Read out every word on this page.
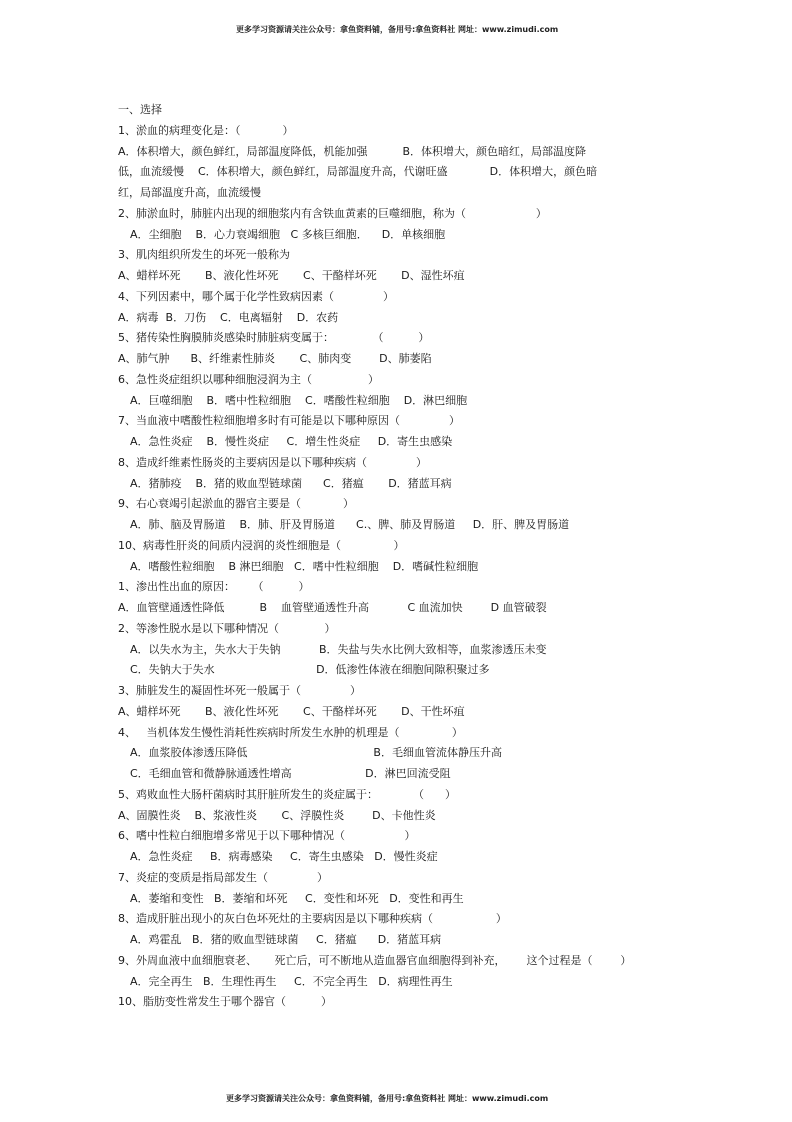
更多学习资源请关注公众号：拿鱼资料铺，备用号:拿鱼资料社 网址：www.zimudi.com
一、选择
1、淤血的病理变化是：（            ）
A．体积增大，颜色鲜红，局部温度降低，机能加强          B．体积增大，颜色暗红，局部温度降
低，血流缓慢    C．体积增大，颜色鲜红，局部温度升高，代谢旺盛            D．体积增大，颜色暗
红，局部温度升高，血流缓慢
2、肺淤血时，肺脏内出现的细胞浆内有含铁血黄素的巨噬细胞，称为（                    ）
A．尘细胞    B．心力衰竭细胞   C 多核巨细胞．    D．单核细胞
3、肌肉组织所发生的坏死一般称为
A、蜡样坏死       B、液化性坏死       C、干酪样坏死       D、湿性坏疽
4、下列因素中，哪个属于化学性致病因素（              ）
A．病毒  B．刀伤    C．电离辐射    D．农药
5、猪传染性胸膜肺炎感染时肺脏病变属于：           （          ）
A、肺气肿      B、纤维素性肺炎       C、肺肉变        D、肺萎陷
6、急性炎症组织以哪种细胞浸润为主（                ）
A．巨噬细胞    B．嗜中性粒细胞    C．嗜酸性粒细胞    D．淋巴细胞
7、当血液中嗜酸性粒细胞增多时有可能是以下哪种原因（              ）
A．急性炎症    B．慢性炎症     C．增生性炎症     D．寄生虫感染
8、造成纤维素性肠炎的主要病因是以下哪种疾病（              ）
A．猪肺疫    B．猪的败血型链球菌      C．猪瘟       D．猪蓝耳病
9、右心衰竭引起淤血的器官主要是（            ）
A．肺、脑及胃肠道    B．肺、肝及胃肠道      C.、脾、肺及胃肠道     D．肝、脾及胃肠道
10、病毒性肝炎的间质内浸润的炎性细胞是（               ）
A．嗜酸性粒细胞    B 淋巴细胞   C．嗜中性粒细胞    D．嗜碱性粒细胞
1、渗出性出血的原因：     （          ）
A．血管壁通透性降低          B    血管壁通透性升高           C 血流加快        D 血管破裂
2、等渗性脱水是以下哪种情况（             ）
A．以失水为主，失水大于失钠           B．失盐与失水比例大致相等，血浆渗透压未变
C．失钠大于失水                             D．低渗性体液在细胞间隙积聚过多
3、肺脏发生的凝固性坏死一般属于（              ）
A、蜡样坏死       B、液化性坏死       C、干酪样坏死       D、干性坏疽
4、   当机体发生慢性消耗性疾病时所发生水肿的机理是（               ）
A．血浆胶体渗透压降低                                    B．毛细血管流体静压升高
C．毛细血管和微静脉通透性增高                     D．淋巴回流受阻
5、鸡败血性大肠杆菌病时其肝脏所发生的炎症属于：          （      ）
A、固膜性炎    B、浆液性炎       C、浮膜性炎        D、卡他性炎
6、嗜中性粒白细胞增多常见于以下哪种情况（                 ）
A．急性炎症     B．病毒感染     C．寄生虫感染   D．慢性炎症
7、炎症的变质是指局部发生（              ）
A．萎缩和变性   B．萎缩和坏死     C．变性和坏死   D．变性和再生
8、造成肝脏出现小的灰白色坏死灶的主要病因是以下哪种疾病（                  ）
A．鸡霍乱   B．猪的败血型链球菌     C．猪瘟      D．猪蓝耳病
9、外周血液中血细胞衰老、     死亡后，可不断地从造血器官血细胞得到补充，      这个过程是（        ）
A．完全再生   B．生理性再生     C．不完全再生   D．病理性再生
10、脂肪变性常发生于哪个器官（          ）
更多学习资源请关注公众号：拿鱼资料铺，备用号:拿鱼资料社 网址：www.zimudi.com
